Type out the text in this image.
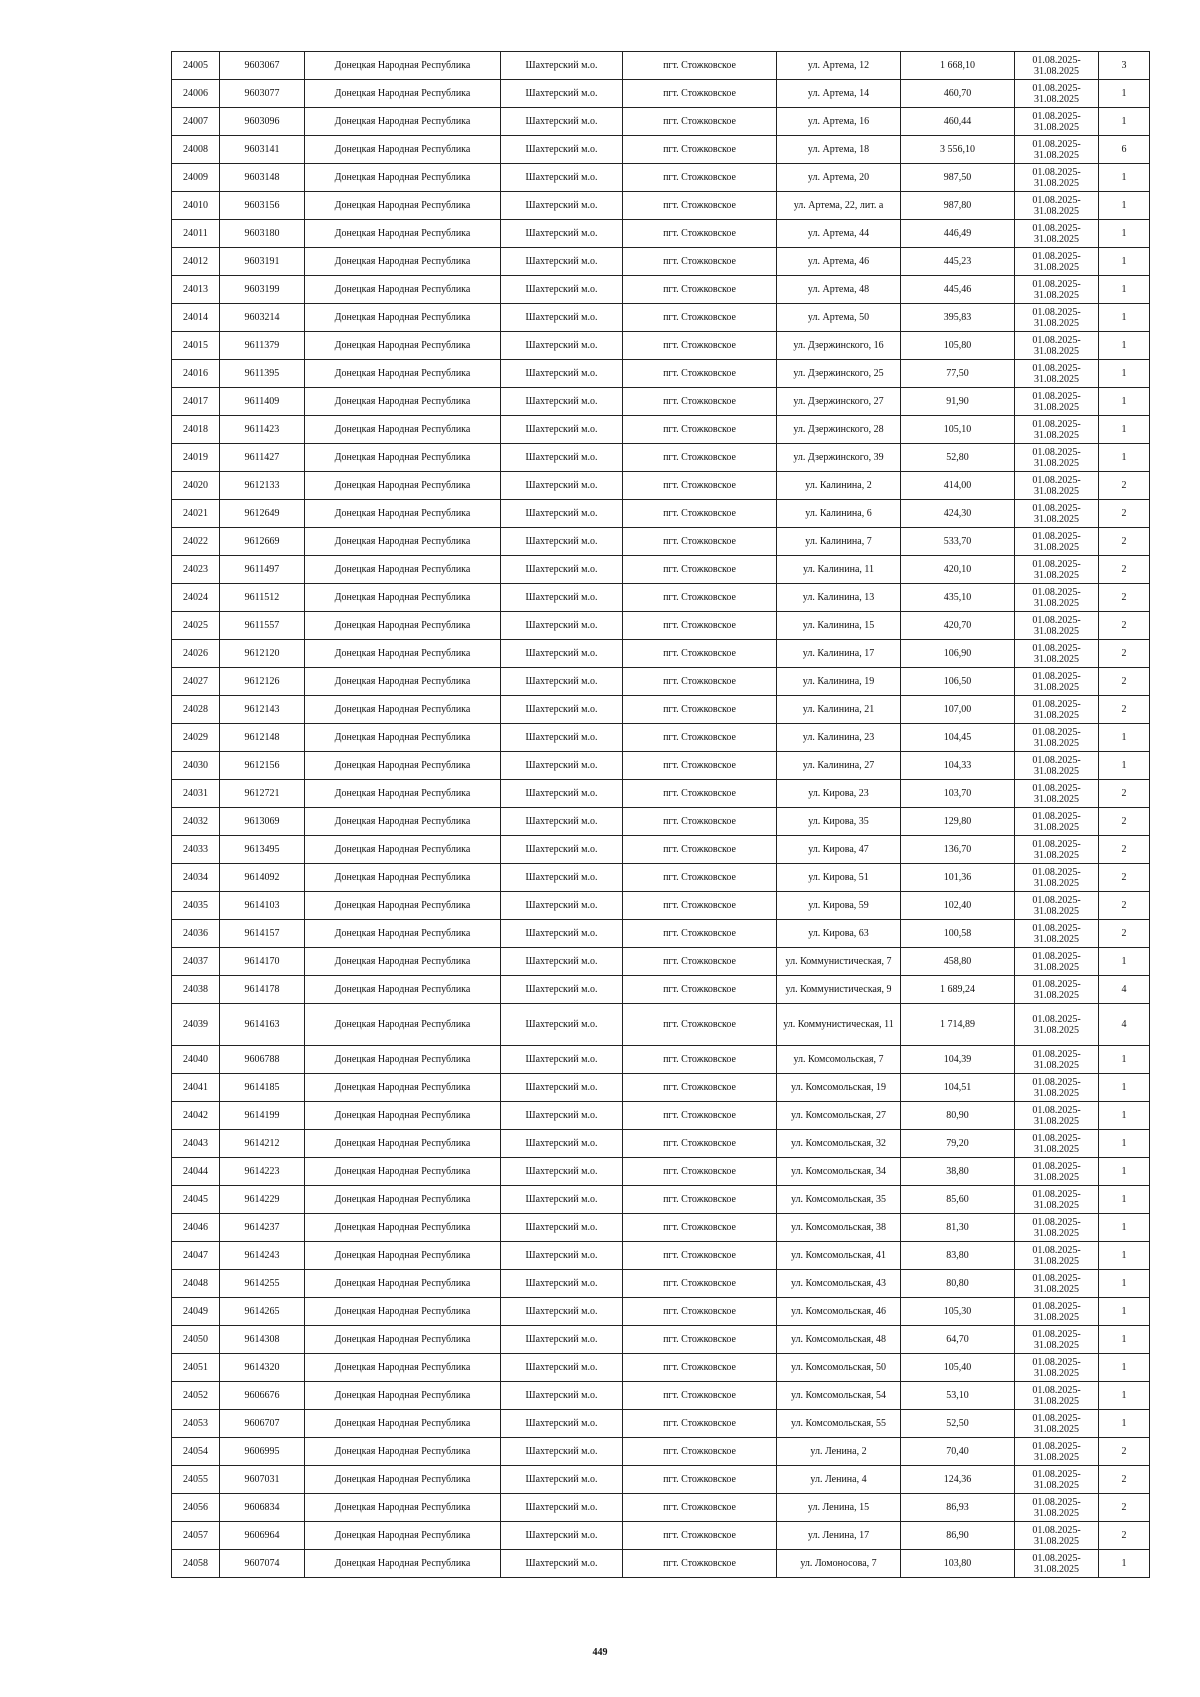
24005	9603067	Донецкая Народная Республика	Шахтерский м.о.	пгт. Стожковское	ул. Артема, 12	1 668,10	01.08.2025-31.08.2025	3
24006	9603077	Донецкая Народная Республика	Шахтерский м.о.	пгт. Стожковское	ул. Артема, 14	460,70	01.08.2025-31.08.2025	1
24007	9603096	Донецкая Народная Республика	Шахтерский м.о.	пгт. Стожковское	ул. Артема, 16	460,44	01.08.2025-31.08.2025	1
24008	9603141	Донецкая Народная Республика	Шахтерский м.о.	пгт. Стожковское	ул. Артема, 18	3 556,10	01.08.2025-31.08.2025	6
24009	9603148	Донецкая Народная Республика	Шахтерский м.о.	пгт. Стожковское	ул. Артема, 20	987,50	01.08.2025-31.08.2025	1
24010	9603156	Донецкая Народная Республика	Шахтерский м.о.	пгт. Стожковское	ул. Артема, 22, лит. а	987,80	01.08.2025-31.08.2025	1
24011	9603180	Донецкая Народная Республика	Шахтерский м.о.	пгт. Стожковское	ул. Артема, 44	446,49	01.08.2025-31.08.2025	1
24012	9603191	Донецкая Народная Республика	Шахтерский м.о.	пгт. Стожковское	ул. Артема, 46	445,23	01.08.2025-31.08.2025	1
24013	9603199	Донецкая Народная Республика	Шахтерский м.о.	пгт. Стожковское	ул. Артема, 48	445,46	01.08.2025-31.08.2025	1
24014	9603214	Донецкая Народная Республика	Шахтерский м.о.	пгт. Стожковское	ул. Артема, 50	395,83	01.08.2025-31.08.2025	1
24015	9611379	Донецкая Народная Республика	Шахтерский м.о.	пгт. Стожковское	ул. Дзержинского, 16	105,80	01.08.2025-31.08.2025	1
24016	9611395	Донецкая Народная Республика	Шахтерский м.о.	пгт. Стожковское	ул. Дзержинского, 25	77,50	01.08.2025-31.08.2025	1
24017	9611409	Донецкая Народная Республика	Шахтерский м.о.	пгт. Стожковское	ул. Дзержинского, 27	91,90	01.08.2025-31.08.2025	1
24018	9611423	Донецкая Народная Республика	Шахтерский м.о.	пгт. Стожковское	ул. Дзержинского, 28	105,10	01.08.2025-31.08.2025	1
24019	9611427	Донецкая Народная Республика	Шахтерский м.о.	пгт. Стожковское	ул. Дзержинского, 39	52,80	01.08.2025-31.08.2025	1
24020	9612133	Донецкая Народная Республика	Шахтерский м.о.	пгт. Стожковское	ул. Калинина, 2	414,00	01.08.2025-31.08.2025	2
24021	9612649	Донецкая Народная Республика	Шахтерский м.о.	пгт. Стожковское	ул. Калинина, 6	424,30	01.08.2025-31.08.2025	2
24022	9612669	Донецкая Народная Республика	Шахтерский м.о.	пгт. Стожковское	ул. Калинина, 7	533,70	01.08.2025-31.08.2025	2
24023	9611497	Донецкая Народная Республика	Шахтерский м.о.	пгт. Стожковское	ул. Калинина, 11	420,10	01.08.2025-31.08.2025	2
24024	9611512	Донецкая Народная Республика	Шахтерский м.о.	пгт. Стожковское	ул. Калинина, 13	435,10	01.08.2025-31.08.2025	2
24025	9611557	Донецкая Народная Республика	Шахтерский м.о.	пгт. Стожковское	ул. Калинина, 15	420,70	01.08.2025-31.08.2025	2
24026	9612120	Донецкая Народная Республика	Шахтерский м.о.	пгт. Стожковское	ул. Калинина, 17	106,90	01.08.2025-31.08.2025	2
24027	9612126	Донецкая Народная Республика	Шахтерский м.о.	пгт. Стожковское	ул. Калинина, 19	106,50	01.08.2025-31.08.2025	2
24028	9612143	Донецкая Народная Республика	Шахтерский м.о.	пгт. Стожковское	ул. Калинина, 21	107,00	01.08.2025-31.08.2025	2
24029	9612148	Донецкая Народная Республика	Шахтерский м.о.	пгт. Стожковское	ул. Калинина, 23	104,45	01.08.2025-31.08.2025	1
24030	9612156	Донецкая Народная Республика	Шахтерский м.о.	пгт. Стожковское	ул. Калинина, 27	104,33	01.08.2025-31.08.2025	1
24031	9612721	Донецкая Народная Республика	Шахтерский м.о.	пгт. Стожковское	ул. Кирова, 23	103,70	01.08.2025-31.08.2025	2
24032	9613069	Донецкая Народная Республика	Шахтерский м.о.	пгт. Стожковское	ул. Кирова, 35	129,80	01.08.2025-31.08.2025	2
24033	9613495	Донецкая Народная Республика	Шахтерский м.о.	пгт. Стожковское	ул. Кирова, 47	136,70	01.08.2025-31.08.2025	2
24034	9614092	Донецкая Народная Республика	Шахтерский м.о.	пгт. Стожковское	ул. Кирова, 51	101,36	01.08.2025-31.08.2025	2
24035	9614103	Донецкая Народная Республика	Шахтерский м.о.	пгт. Стожковское	ул. Кирова, 59	102,40	01.08.2025-31.08.2025	2
24036	9614157	Донецкая Народная Республика	Шахтерский м.о.	пгт. Стожковское	ул. Кирова, 63	100,58	01.08.2025-31.08.2025	2
24037	9614170	Донецкая Народная Республика	Шахтерский м.о.	пгт. Стожковское	ул. Коммунистическая, 7	458,80	01.08.2025-31.08.2025	1
24038	9614178	Донецкая Народная Республика	Шахтерский м.о.	пгт. Стожковское	ул. Коммунистическая, 9	1 689,24	01.08.2025-31.08.2025	4
24039	9614163	Донецкая Народная Республика	Шахтерский м.о.	пгт. Стожковское	ул. Коммунистическая, 11	1 714,89	01.08.2025-31.08.2025	4
24040	9606788	Донецкая Народная Республика	Шахтерский м.о.	пгт. Стожковское	ул. Комсомольская, 7	104,39	01.08.2025-31.08.2025	1
24041	9614185	Донецкая Народная Республика	Шахтерский м.о.	пгт. Стожковское	ул. Комсомольская, 19	104,51	01.08.2025-31.08.2025	1
24042	9614199	Донецкая Народная Республика	Шахтерский м.о.	пгт. Стожковское	ул. Комсомольская, 27	80,90	01.08.2025-31.08.2025	1
24043	9614212	Донецкая Народная Республика	Шахтерский м.о.	пгт. Стожковское	ул. Комсомольская, 32	79,20	01.08.2025-31.08.2025	1
24044	9614223	Донецкая Народная Республика	Шахтерский м.о.	пгт. Стожковское	ул. Комсомольская, 34	38,80	01.08.2025-31.08.2025	1
24045	9614229	Донецкая Народная Республика	Шахтерский м.о.	пгт. Стожковское	ул. Комсомольская, 35	85,60	01.08.2025-31.08.2025	1
24046	9614237	Донецкая Народная Республика	Шахтерский м.о.	пгт. Стожковское	ул. Комсомольская, 38	81,30	01.08.2025-31.08.2025	1
24047	9614243	Донецкая Народная Республика	Шахтерский м.о.	пгт. Стожковское	ул. Комсомольская, 41	83,80	01.08.2025-31.08.2025	1
24048	9614255	Донецкая Народная Республика	Шахтерский м.о.	пгт. Стожковское	ул. Комсомольская, 43	80,80	01.08.2025-31.08.2025	1
24049	9614265	Донецкая Народная Республика	Шахтерский м.о.	пгт. Стожковское	ул. Комсомольская, 46	105,30	01.08.2025-31.08.2025	1
24050	9614308	Донецкая Народная Республика	Шахтерский м.о.	пгт. Стожковское	ул. Комсомольская, 48	64,70	01.08.2025-31.08.2025	1
24051	9614320	Донецкая Народная Республика	Шахтерский м.о.	пгт. Стожковское	ул. Комсомольская, 50	105,40	01.08.2025-31.08.2025	1
24052	9606676	Донецкая Народная Республика	Шахтерский м.о.	пгт. Стожковское	ул. Комсомольская, 54	53,10	01.08.2025-31.08.2025	1
24053	9606707	Донецкая Народная Республика	Шахтерский м.о.	пгт. Стожковское	ул. Комсомольская, 55	52,50	01.08.2025-31.08.2025	1
24054	9606995	Донецкая Народная Республика	Шахтерский м.о.	пгт. Стожковское	ул. Ленина, 2	70,40	01.08.2025-31.08.2025	2
24055	9607031	Донецкая Народная Республика	Шахтерский м.о.	пгт. Стожковское	ул. Ленина, 4	124,36	01.08.2025-31.08.2025	2
24056	9606834	Донецкая Народная Республика	Шахтерский м.о.	пгт. Стожковское	ул. Ленина, 15	86,93	01.08.2025-31.08.2025	2
24057	9606964	Донецкая Народная Республика	Шахтерский м.о.	пгт. Стожковское	ул. Ленина, 17	86,90	01.08.2025-31.08.2025	2
24058	9607074	Донецкая Народная Республика	Шахтерский м.о.	пгт. Стожковское	ул. Ломоносова, 7	103,80	01.08.2025-31.08.2025	1
449
